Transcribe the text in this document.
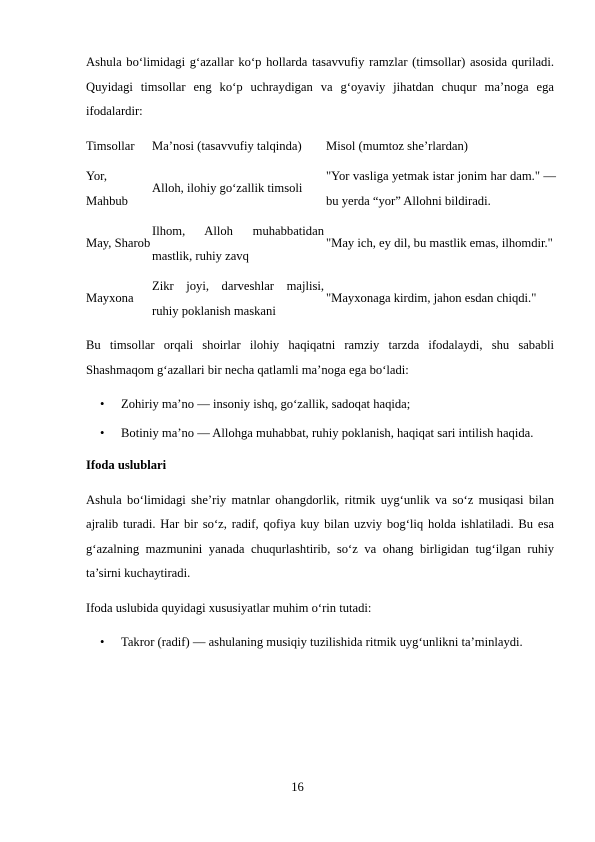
Ashula bo‘limidagi g‘azallar ko‘p hollarda tasavvufiy ramzlar (timsollar) asosida quriladi. Quyidagi timsollar eng ko‘p uchraydigan va g‘oyaviy jihatdan chuqur ma’noga ega ifodalardir:

Timsollar	Ma’nosi (tasavvufiy talqinda)	Misol (mumtoz she’rlardan)
Yor, Mahbub	Alloh, ilohiy go‘zallik timsoli	"Yor vasliga yetmak istar jonim har dam." — bu yerda “yor” Allohni bildiradi.
May, Sharob	Ilhom, Alloh muhabbatidan mastlik, ruhiy zavq	"May ich, ey dil, bu mastlik emas, ilhomdir."
Mayxona	Zikr joyi, darveshlar majlisi, ruhiy poklanish maskani	"Mayxonaga kirdim, jahon esdan chiqdi."

Bu timsollar orqali shoirlar ilohiy haqiqatni ramziy tarzda ifodalaydi, shu sababli Shashmaqom g‘azallari bir necha qatlamli ma’noga ega bo‘ladi:

• Zohiriy ma’no — insoniy ishq, go‘zallik, sadoqat haqida;
• Botiniy ma’no — Allohga muhabbat, ruhiy poklanish, haqiqat sari intilish haqida.
Ifoda uslublari

Ashula bo‘limidagi she’riy matnlar ohangdorlik, ritmik uyg‘unlik va so‘z musiqasi bilan ajralib turadi. Har bir so‘z, radif, qofiya kuy bilan uzviy bog‘liq holda ishlatiladi. Bu esa g‘azalning mazmunini yanada chuqurlashtirib, so‘z va ohang birligidan tug‘ilgan ruhiy ta’sirni kuchaytiradi.

Ifoda uslubida quyidagi xususiyatlar muhim o‘rin tutadi:

• Takror (radif) — ashulaning musiqiy tuzilishida ritmik uyg‘unlikni ta’minlaydi.
16
